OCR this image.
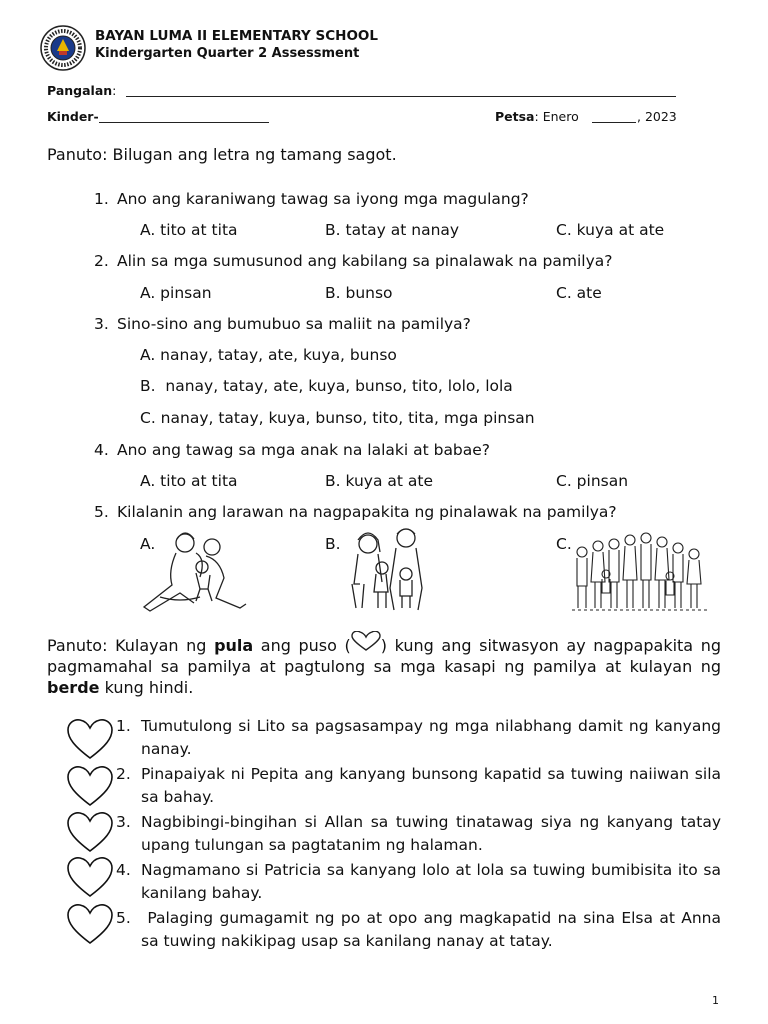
BAYAN LUMA II ELEMENTARY SCHOOL
Kindergarten Quarter 2 Assessment
Pangalan:
Kinder-	Petsa: Enero	, 2023
Panuto: Bilugan ang letra ng tamang sagot.
1. Ano ang karaniwang tawag sa iyong mga magulang?
A. tito at tita	B. tatay at nanay	C. kuya at ate
2. Alin sa mga sumusunod ang kabilang sa pinalawak na pamilya?
A. pinsan	B. bunso	C. ate
3. Sino-sino ang bumubuo sa maliit na pamilya?
A. nanay, tatay, ate, kuya, bunso
B.  nanay, tatay, ate, kuya, bunso, tito, lolo, lola
C. nanay, tatay, kuya, bunso, tito, tita, mga pinsan
4. Ano ang tawag sa mga anak na lalaki at babae?
A. tito at tita	B. kuya at ate	C. pinsan
5. Kilalanin ang larawan na nagpapakita ng pinalawak na pamilya?
A.	B.	C.
Panuto: Kulayan ng pula ang puso ( ) kung ang sitwasyon ay nagpapakita ng pagmamahal sa pamilya at pagtulong sa mga kasapi ng pamilya at kulayan ng berde kung hindi.
1. Tumutulong si Lito sa pagsasampay ng mga nilabhang damit ng kanyang nanay.
2. Pinapaiyak ni Pepita ang kanyang bunsong kapatid sa tuwing naiiwan sila sa bahay.
3. Nagbibingi-bingihan si Allan sa tuwing tinatawag siya ng kanyang tatay upang tulungan sa pagtatanim ng halaman.
4. Nagmamano si Patricia sa kanyang lolo at lola sa tuwing bumibisita ito sa kanilang bahay.
5. Palaging gumagamit ng po at opo ang magkapatid na sina Elsa at Anna sa tuwing nakikipag usap sa kanilang nanay at tatay.
1
